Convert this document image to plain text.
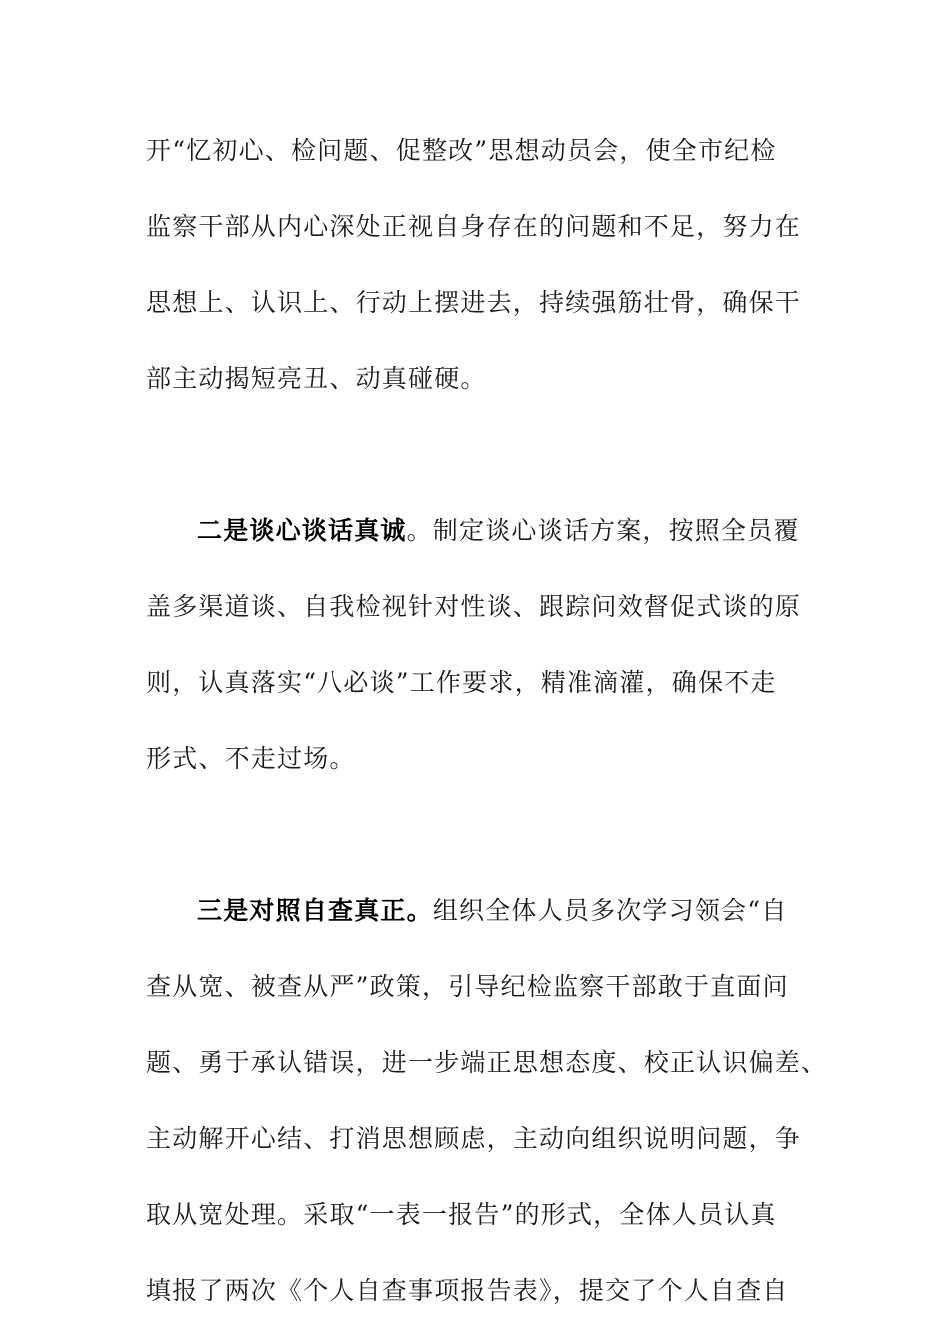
开“忆初心、检问题、促整改”思想动员会，使全市纪检
监察干部从内心深处正视自身存在的问题和不足，努力在
思想上、认识上、行动上摆进去，持续强筋壮骨，确保干
部主动揭短亮丑、动真碰硬。
二是谈心谈话真诚。制定谈心谈话方案，按照全员覆
盖多渠道谈、自我检视针对性谈、跟踪问效督促式谈的原
则，认真落实“八必谈”工作要求，精准滴灌，确保不走
形式、不走过场。
三是对照自查真正。组织全体人员多次学习领会“自
查从宽、被查从严”政策，引导纪检监察干部敢于直面问
题、勇于承认错误，进一步端正思想态度、校正认识偏差、
主动解开心结、打消思想顾虑，主动向组织说明问题，争
取从宽处理。采取“一表一报告”的形式，全体人员认真
填报了两次《个人自查事项报告表》，提交了个人自查自
